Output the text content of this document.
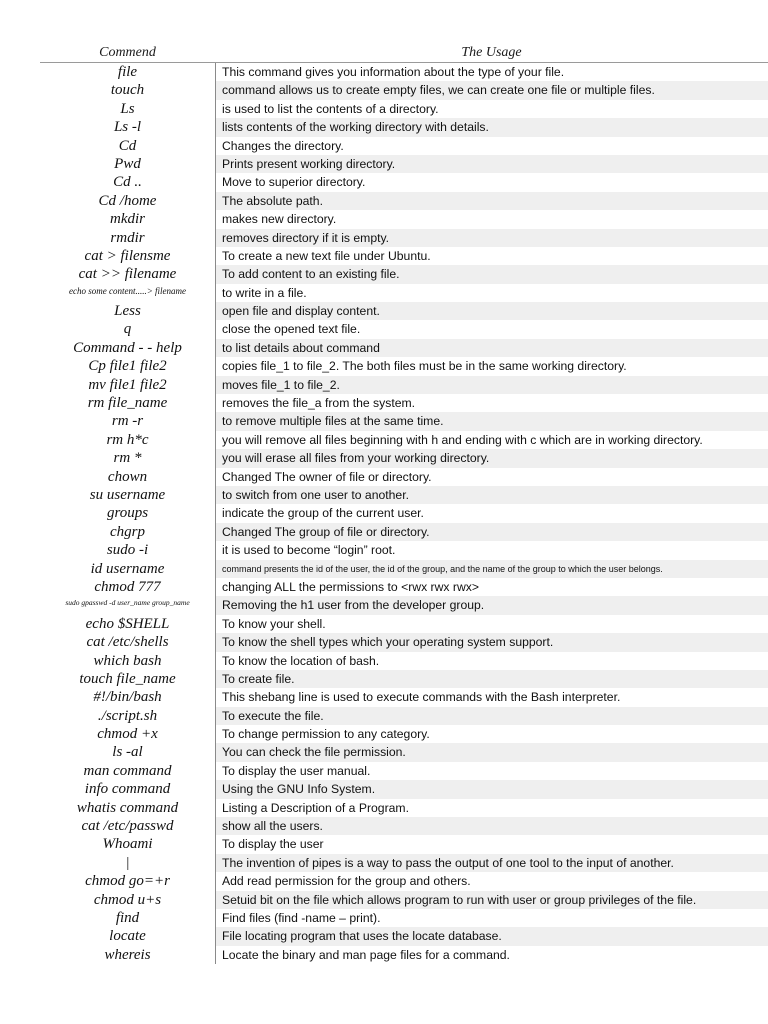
Commend	The Usage
file	This command gives you information about the type of your file.
touch	command allows us to create empty files, we can create one file or multiple files.
Ls	is used to list the contents of a directory.
Ls -l	lists contents of the working directory with details.
Cd	Changes the directory.
Pwd	Prints present working directory.
Cd ..	Move to superior directory.
Cd /home	The absolute path.
mkdir	makes new directory.
rmdir	removes directory if it is empty.
cat > filensme	To create a new text file under Ubuntu.
cat >> filename	To add content to an existing file.
echo some content.....> filename	to write in a file.
Less	open file and display content.
q	close the opened text file.
Command - - help	to list details about command
Cp file1 file2	copies file_1 to file_2. The both files must be in the same working directory.
mv file1 file2	moves file_1 to file_2.
rm file_name	removes the file_a from the system.
rm -r	to remove multiple files at the same time.
rm h*c	you will remove all files beginning with h and ending with c which are in working directory.
rm *	you will erase all files from your working directory.
chown	Changed The owner of file or directory.
su username	to switch from one user to another.
groups	indicate the group of the current user.
chgrp	Changed The group of file or directory.
sudo -i	it is used to become “login” root.
id username	command presents the id of the user, the id of the group, and the name of the group to which the user belongs.
chmod 777	changing ALL the permissions to <rwx rwx rwx>
sudo gpasswd -d user_name group_name	Removing the h1 user from the developer group.
echo $SHELL	To know your shell.
cat /etc/shells	To know the shell types which your operating system support.
which bash	To know the location of bash.
touch file_name	To create file.
#!/bin/bash	This shebang line is used to execute commands with the Bash interpreter.
./script.sh	To execute the file.
chmod +x	To change permission to any category.
ls -al	You can check the file permission.
man command	To display the user manual.
info command	Using the GNU Info System.
whatis command	Listing a Description of a Program.
cat /etc/passwd	show all the users.
Whoami	To display the user
|	The invention of pipes is a way to pass the output of one tool to the input of another.
chmod go=+r	Add read permission for the group and others.
chmod u+s	Setuid bit on the file which allows program to run with user or group privileges of the file.
find	Find files (find -name – print).
locate	File locating program that uses the locate database.
whereis	Locate the binary and man page files for a command.
